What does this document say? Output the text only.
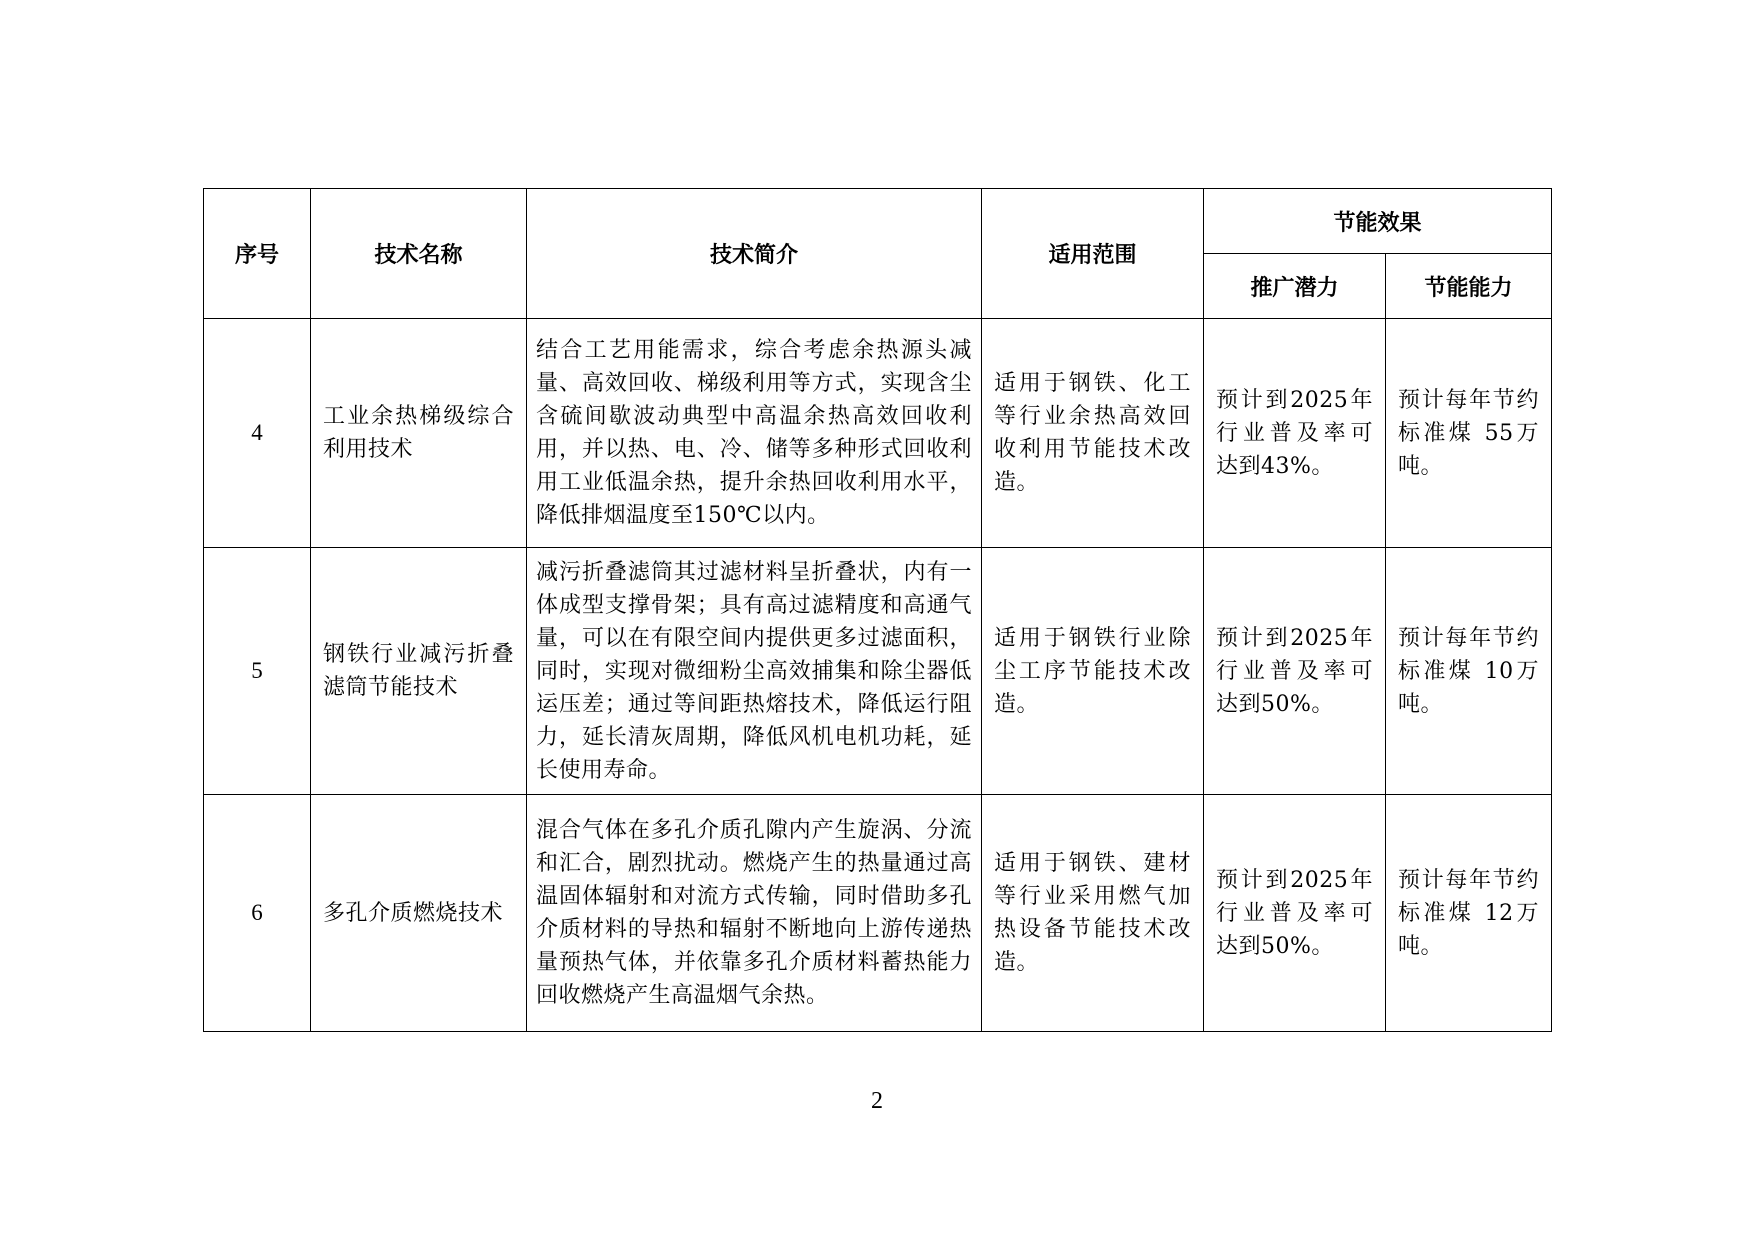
序号	技术名称	技术简介	适用范围	节能效果	
				推广潜力	节能能力
4	工业余热梯级综合利用技术	结合工艺用能需求，综合考虑余热源头减量、高效回收、梯级利用等方式，实现含尘含硫间歇波动典型中高温余热高效回收利用，并以热、电、冷、储等多种形式回收利用工业低温余热，提升余热回收利用水平，降低排烟温度至150℃以内。	适用于钢铁、化工等行业余热高效回收利用节能技术改造。	预计到2025年行业普及率可达到43%。	预计每年节约标准煤 55万吨。
5	钢铁行业减污折叠滤筒节能技术	减污折叠滤筒其过滤材料呈折叠状，内有一体成型支撑骨架；具有高过滤精度和高通气量，可以在有限空间内提供更多过滤面积，同时，实现对微细粉尘高效捕集和除尘器低运压差；通过等间距热熔技术，降低运行阻力，延长清灰周期，降低风机电机功耗，延长使用寿命。	适用于钢铁行业除尘工序节能技术改造。	预计到2025年行业普及率可达到50%。	预计每年节约标准煤 10万吨。
6	多孔介质燃烧技术	混合气体在多孔介质孔隙内产生旋涡、分流和汇合，剧烈扰动。燃烧产生的热量通过高温固体辐射和对流方式传输，同时借助多孔介质材料的导热和辐射不断地向上游传递热量预热气体，并依靠多孔介质材料蓄热能力回收燃烧产生高温烟气余热。	适用于钢铁、建材等行业采用燃气加热设备节能技术改造。	预计到2025年行业普及率可达到50%。	预计每年节约标准煤 12万吨。
2
